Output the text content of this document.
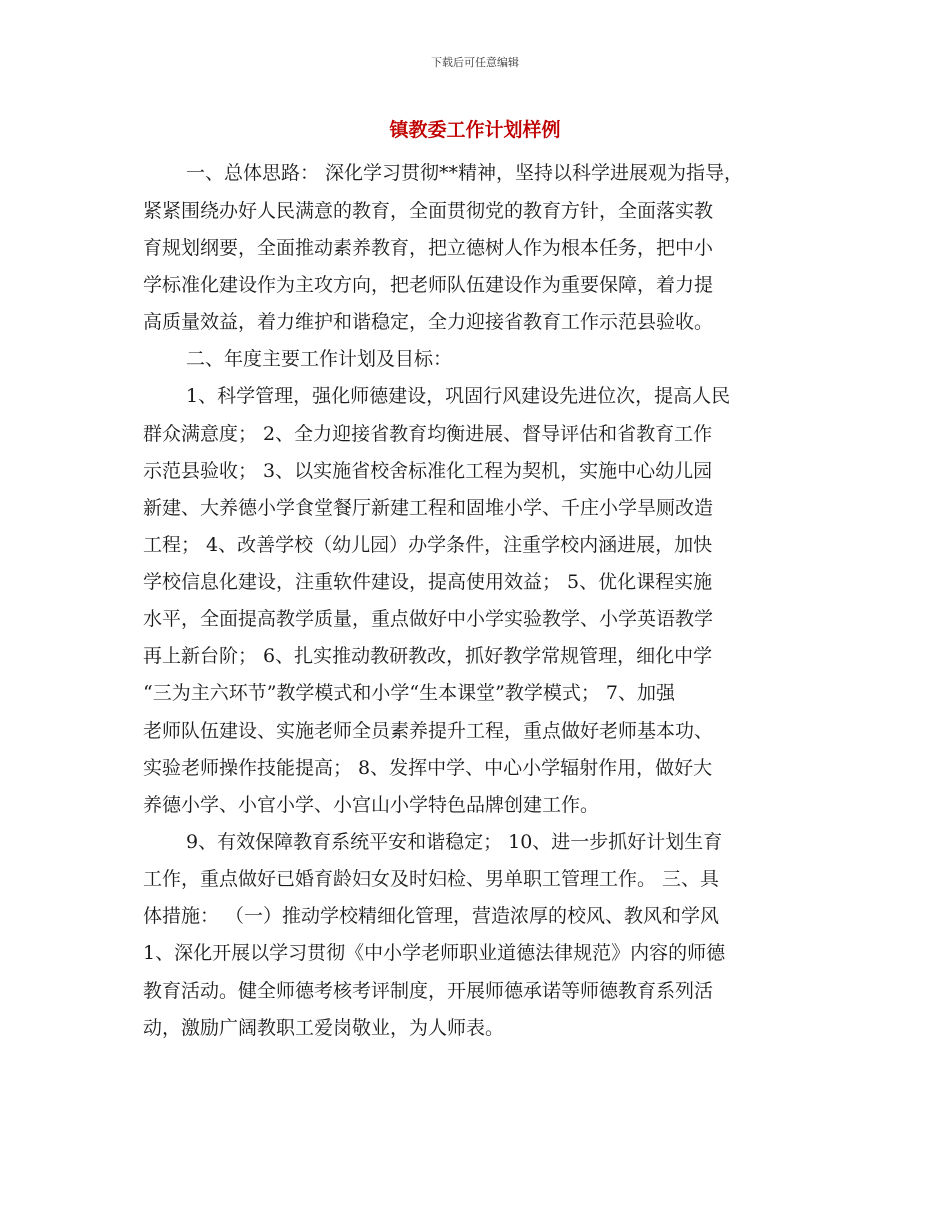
下载后可任意编辑
镇教委工作计划样例
一、总体思路： 深化学习贯彻**精神，坚持以科学进展观为指导，
紧紧围绕办好人民满意的教育，全面贯彻党的教育方针，全面落实教
育规划纲要，全面推动素养教育，把立德树人作为根本任务，把中小
学标准化建设作为主攻方向，把老师队伍建设作为重要保障，着力提
高质量效益，着力维护和谐稳定，全力迎接省教育工作示范县验收。
二、年度主要工作计划及目标：
1、科学管理，强化师德建设，巩固行风建设先进位次，提高人民
群众满意度； 2、全力迎接省教育均衡进展、督导评估和省教育工作
示范县验收； 3、以实施省校舍标准化工程为契机，实施中心幼儿园
新建、大养德小学食堂餐厅新建工程和固堆小学、千庄小学旱厕改造
工程； 4、改善学校（幼儿园）办学条件，注重学校内涵进展，加快
学校信息化建设，注重软件建设，提高使用效益； 5、优化课程实施
水平，全面提高教学质量，重点做好中小学实验教学、小学英语教学
再上新台阶； 6、扎实推动教研教改，抓好教学常规管理，细化中学
“三为主六环节”教学模式和小学“生本课堂”教学模式； 7、加强
老师队伍建设、实施老师全员素养提升工程，重点做好老师基本功、
实验老师操作技能提高； 8、发挥中学、中心小学辐射作用，做好大
养德小学、小官小学、小宫山小学特色品牌创建工作。
9、有效保障教育系统平安和谐稳定； 10、进一步抓好计划生育
工作，重点做好已婚育龄妇女及时妇检、男单职工管理工作。 三、具
体措施： （一）推动学校精细化管理，营造浓厚的校风、教风和学风
1、深化开展以学习贯彻《中小学老师职业道德法律规范》内容的师德
教育活动。健全师德考核考评制度，开展师德承诺等师德教育系列活
动，激励广阔教职工爱岗敬业，为人师表。
